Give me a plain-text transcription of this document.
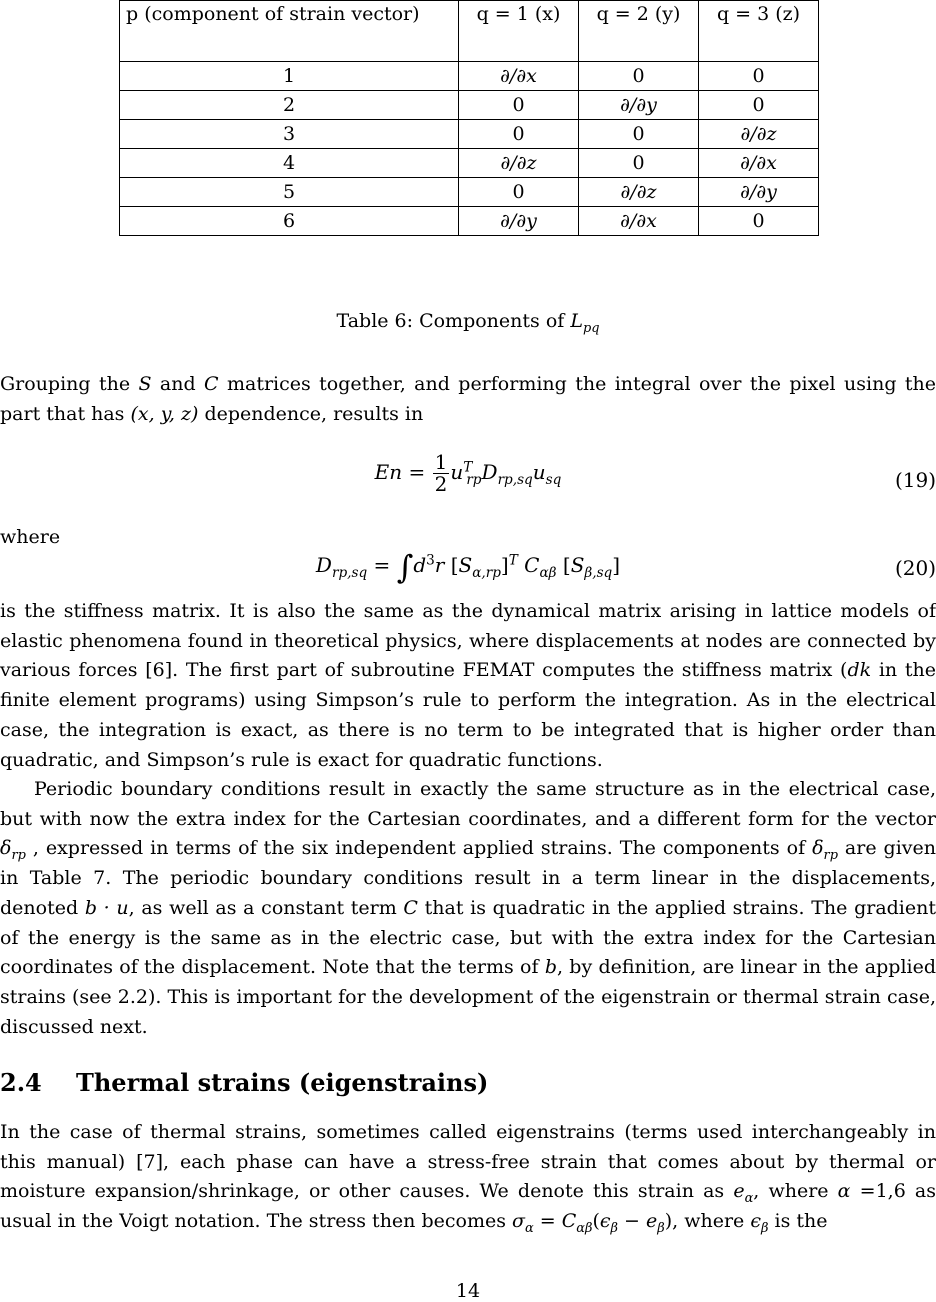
p (component of strain vector)	q = 1 (x)	q = 2 (y)	q = 3 (z)
1	∂/∂x	0	0
2	0	∂/∂y	0
3	0	0	∂/∂z
4	∂/∂z	0	∂/∂x
5	0	∂/∂z	∂/∂y
6	∂/∂y	∂/∂x	0
Table 6: Components of $L_{pq}$

Grouping the S and C matrices together, and performing the integral over the pixel using the part that has (x, y, z) dependence, results in

$En = \frac{1}{2} u^T_{rp}D_{rp,sq}u_{sq}$	(19)
where
$D_{rp,sq} = \int d^3r$ $[S_{\alpha,rp}]^T$ $C_{\alpha\beta}$ $[S_{\beta,sq}]$	(20)

is the stiffness matrix. It is also the same as the dynamical matrix arising in lattice models of elastic phenomena found in theoretical physics, where displacements at nodes are connected by various forces [6]. The first part of subroutine FEMAT computes the stiffness matrix (dk in the finite element programs) using Simpson’s rule to perform the integration. As in the electrical case, the integration is exact, as there is no term to be integrated that is higher order than quadratic, and Simpson’s rule is exact for quadratic functions.

Periodic boundary conditions result in exactly the same structure as in the electrical case, but with now the extra index for the Cartesian coordinates, and a different form for the vector $\delta_{rp}$ , expressed in terms of the six independent applied strains. The components of $\delta_{rp}$ are given in Table 7. The periodic boundary conditions result in a term linear in the displacements, denoted b · u, as well as a constant term C that is quadratic in the applied strains. The gradient of the energy is the same as in the electric case, but with the extra index for the Cartesian coordinates of the displacement. Note that the terms of b, by definition, are linear in the applied strains (see 2.2). This is important for the development of the eigenstrain or thermal strain case, discussed next.

2.4 Thermal strains (eigenstrains)

In the case of thermal strains, sometimes called eigenstrains (terms used interchangeably in this manual) [7], each phase can have a stress-free strain that comes about by thermal or moisture expansion/shrinkage, or other causes. We denote this strain as $e_\alpha$, where α =1,6 as usual in the Voigt notation. The stress then becomes $\sigma_\alpha = C_{\alpha\beta}(\epsilon_\beta - e_\beta)$, where $\epsilon_\beta$ is the

14
